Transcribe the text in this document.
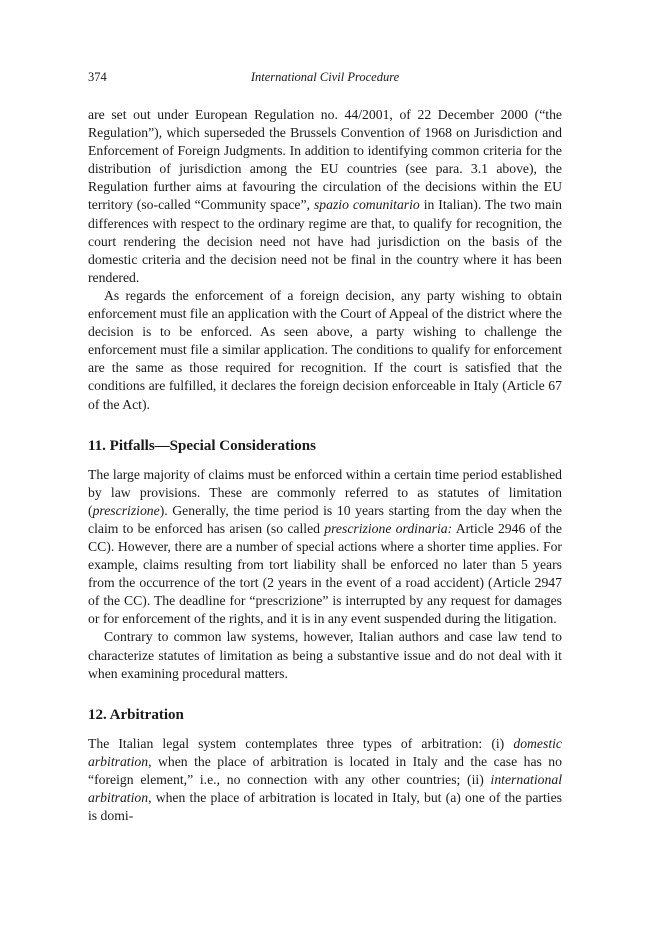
374	International Civil Procedure

are set out under European Regulation no. 44/2001, of 22 December 2000 (“the Regulation”), which superseded the Brussels Convention of 1968 on Jurisdiction and Enforcement of Foreign Judgments. In addition to identifying common criteria for the distribution of jurisdiction among the EU countries (see para. 3.1 above), the Regulation further aims at favouring the circulation of the decisions within the EU territory (so-called “Community space”, spazio comunitario in Italian). The two main differences with respect to the ordinary regime are that, to qualify for recognition, the court rendering the decision need not have had jurisdiction on the basis of the domestic criteria and the decision need not be final in the country where it has been rendered.

As regards the enforcement of a foreign decision, any party wishing to obtain enforcement must file an application with the Court of Appeal of the district where the decision is to be enforced. As seen above, a party wishing to challenge the enforcement must file a similar application. The conditions to qualify for enforcement are the same as those required for recognition. If the court is satisfied that the conditions are fulfilled, it declares the foreign decision enforceable in Italy (Article 67 of the Act).

11. Pitfalls—Special Considerations

The large majority of claims must be enforced within a certain time period established by law provisions. These are commonly referred to as statutes of limitation (prescrizione). Generally, the time period is 10 years starting from the day when the claim to be enforced has arisen (so called prescrizione ordinaria: Article 2946 of the CC). However, there are a number of special actions where a shorter time applies. For example, claims resulting from tort liability shall be enforced no later than 5 years from the occurrence of the tort (2 years in the event of a road accident) (Article 2947 of the CC). The deadline for “prescrizione” is interrupted by any request for damages or for enforcement of the rights, and it is in any event suspended during the litigation.

Contrary to common law systems, however, Italian authors and case law tend to characterize statutes of limitation as being a substantive issue and do not deal with it when examining procedural matters.

12. Arbitration

The Italian legal system contemplates three types of arbitration: (i) domestic arbitration, when the place of arbitration is located in Italy and the case has no “foreign element,” i.e., no connection with any other countries; (ii) international arbitration, when the place of arbitration is located in Italy, but (a) one of the parties is domi-
